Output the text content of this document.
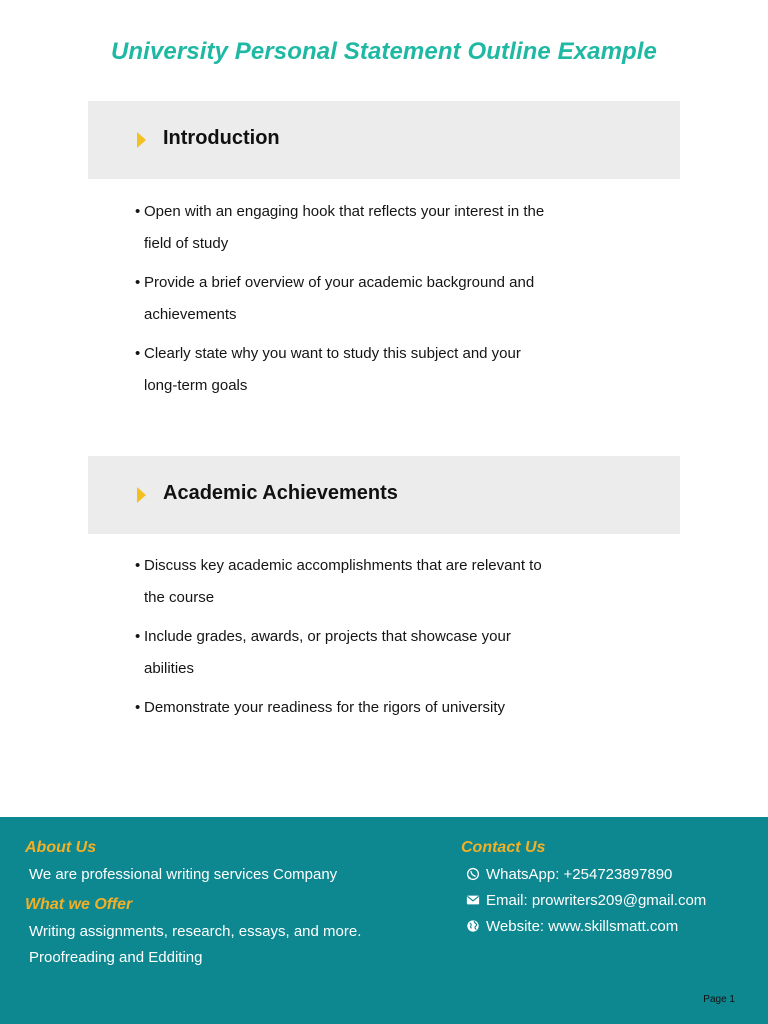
University Personal Statement Outline Example
Introduction
• Open with an engaging hook that reflects your interest in the field of study
• Provide a brief overview of your academic background and achievements
• Clearly state why you want to study this subject and your long-term goals
Academic Achievements
• Discuss key academic accomplishments that are relevant to the course
• Include grades, awards, or projects that showcase your abilities
• Demonstrate your readiness for the rigors of university
About Us
We are professional writing services Company
What we Offer
Writing assignments, research, essays, and more.
Proofreading and Edditing
Contact Us
WhatsApp: +254723897890
Email: prowriters209@gmail.com
Website: www.skillsmatt.com
Page 1
